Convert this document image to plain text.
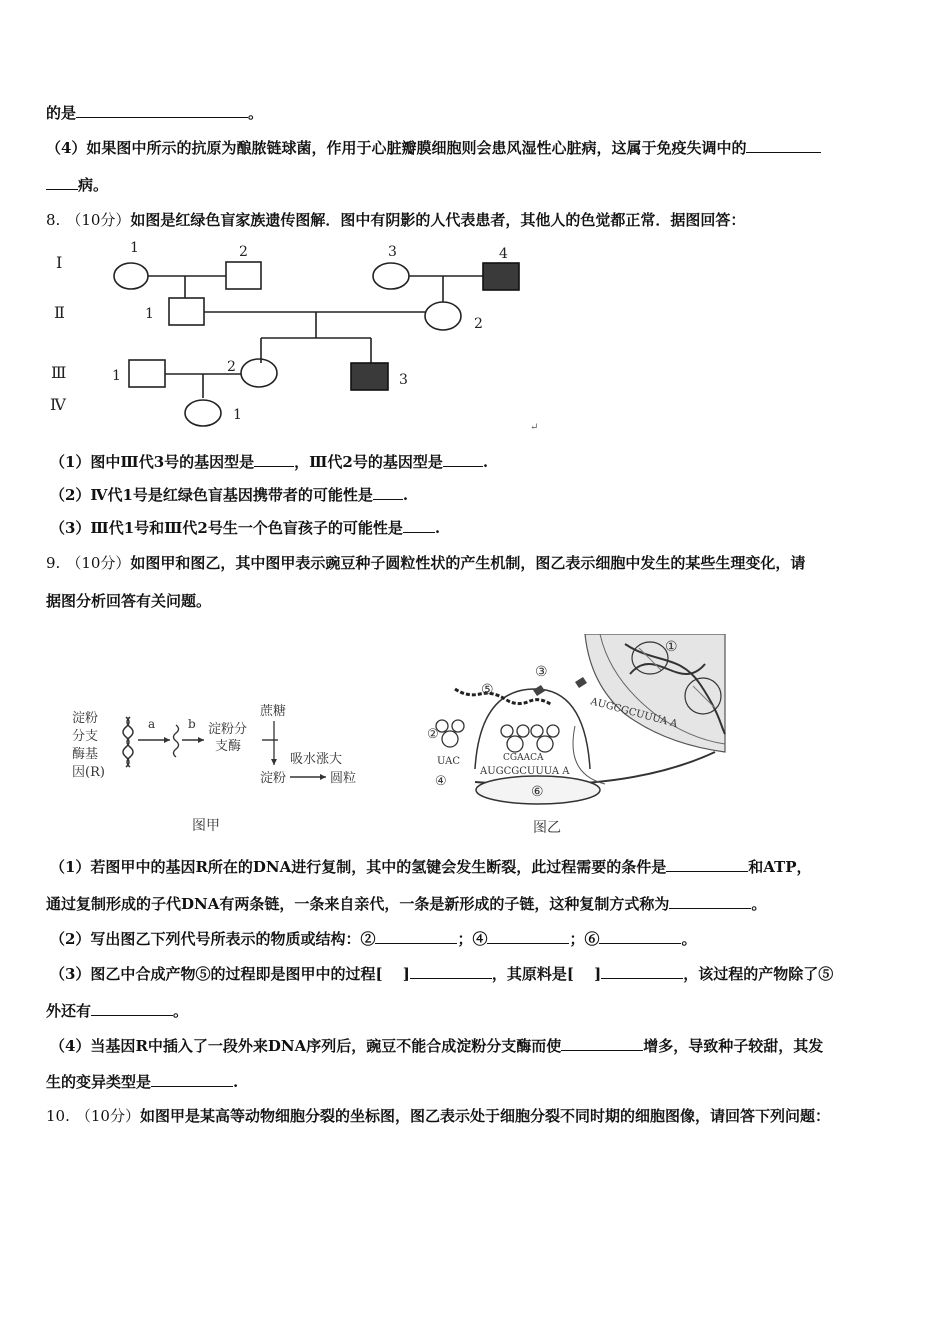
的是	。
（4）如果图中所示的抗原为酿脓链球菌，作用于心脏瓣膜细胞则会患风湿性心脏病，这属于免疫失调中的
病。
8. （10分）如图是红绿色盲家族遗传图解．图中有阴影的人代表患者，其他人的色觉都正常．据图回答：
Ⅰ
Ⅱ
Ⅲ
Ⅳ
1	2	3	4
1
2
1
2
3
1
↵
（1）图中Ⅲ代3号的基因型是	，Ⅲ代2号的基因型是	.
（2）Ⅳ代1号是红绿色盲基因携带者的可能性是 .
（3）Ⅲ代1号和Ⅲ代2号生一个色盲孩子的可能性是 .
9. （10分）如图甲和图乙，其中图甲表示豌豆种子圆粒性状的产生机制，图乙表示细胞中发生的某些生理变化，请
据图分析回答有关问题。
淀粉
分支
酶基
因(R)
a	b 淀粉分
支酶
蔗糖
吸水涨大
淀粉	圆粒
图甲
①
AUGCGCUUUA A
⑥
②
UAC	CGAACA
AUGCGCUUUA A
④
⑤
③
图乙
（1）若图甲中的基因R所在的DNA进行复制，其中的氢键会发生断裂，此过程需要的条件是	和ATP，
通过复制形成的子代DNA有两条链，一条来自亲代，一条是新形成的子链，这种复制方式称为	。
（2）写出图乙下列代号所表示的物质或结构：②	；④	；⑥	。
（3）图乙中合成产物⑤的过程即是图甲中的过程[　 ]	，其原料是[　 ]	，该过程的产物除了⑤
外还有	。
（4）当基因R中插入了一段外来DNA序列后，豌豆不能合成淀粉分支酶而使	增多，导致种子较甜，其发
生的变异类型是	.
10. （10分）如图甲是某高等动物细胞分裂的坐标图，图乙表示处于细胞分裂不同时期的细胞图像，请回答下列问题：
